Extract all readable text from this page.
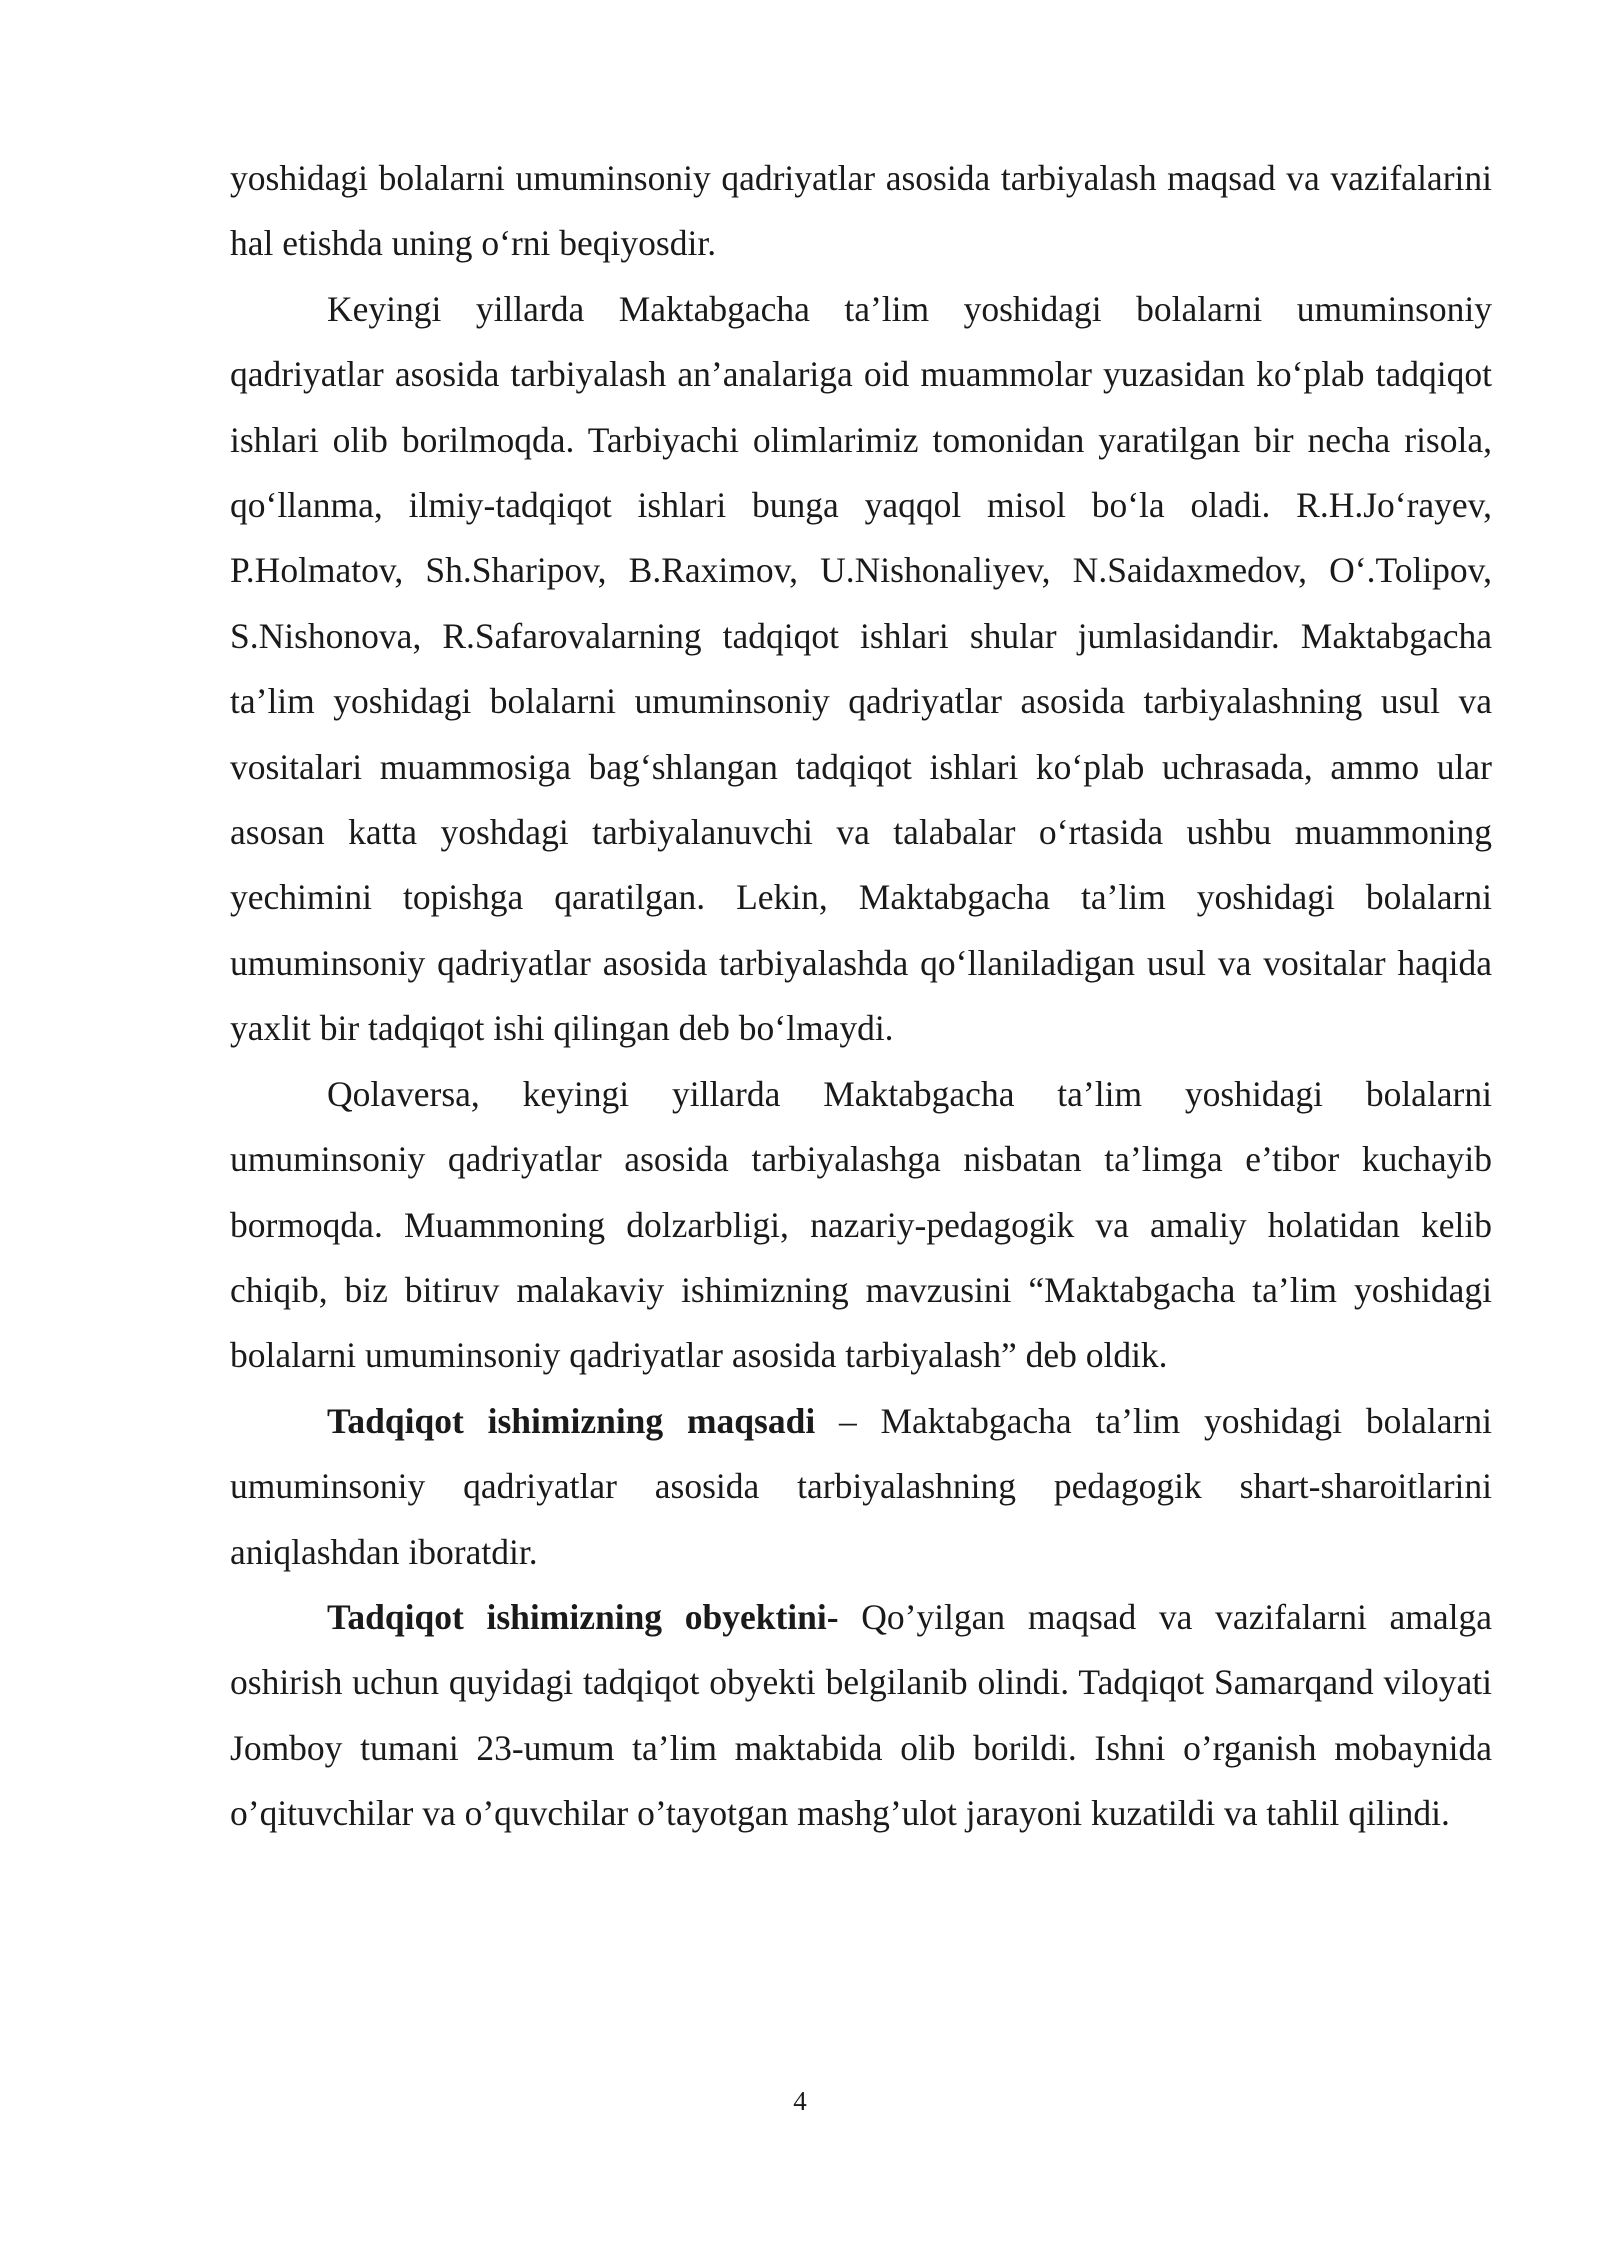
yoshidagi bolalarni umuminsoniy qadriyatlar asosida tarbiyalash maqsad va vazifalarini hal etishda uning o‘rni beqiyosdir.

Keyingi yillarda Maktabgacha ta’lim yoshidagi bolalarni umuminsoniy qadriyatlar asosida tarbiyalash an’analariga oid muammolar yuzasidan ko‘plab tadqiqot ishlari olib borilmoqda. Tarbiyachi olimlarimiz tomonidan yaratilgan bir necha risola, qo‘llanma, ilmiy-tadqiqot ishlari bunga yaqqol misol bo‘la oladi. R.H.Jo‘rayev, P.Holmatov, Sh.Sharipov, B.Raximov, U.Nishonaliyev, N.Saidaxmedov, O‘.Tolipov, S.Nishonova, R.Safarovalarning tadqiqot ishlari shular jumlasidandir. Maktabgacha ta’lim yoshidagi bolalarni umuminsoniy qadriyatlar asosida tarbiyalashning usul va vositalari muammosiga bag‘shlangan tadqiqot ishlari ko‘plab uchrasada, ammo ular asosan katta yoshdagi tarbiyalanuvchi va talabalar o‘rtasida ushbu muammoning yechimini topishga qaratilgan. Lekin, Maktabgacha ta’lim yoshidagi bolalarni umuminsoniy qadriyatlar asosida tarbiyalashda qo‘llaniladigan usul va vositalar haqida yaxlit bir tadqiqot ishi qilingan deb bo‘lmaydi.

Qolaversa, keyingi yillarda Maktabgacha ta’lim yoshidagi bolalarni umuminsoniy qadriyatlar asosida tarbiyalashga nisbatan ta’limga e’tibor kuchayib bormoqda. Muammoning dolzarbligi, nazariy-pedagogik va amaliy holatidan kelib chiqib, biz bitiruv malakaviy ishimizning mavzusini “Maktabgacha ta’lim yoshidagi bolalarni umuminsoniy qadriyatlar asosida tarbiyalash” deb oldik.

Tadqiqot ishimizning maqsadi – Maktabgacha ta’lim yoshidagi bolalarni umuminsoniy qadriyatlar asosida tarbiyalashning pedagogik shart-sharoitlarini aniqlashdan iboratdir.

Tadqiqot ishimizning obyektini- Qo’yilgan maqsad va vazifalarni amalga oshirish uchun quyidagi tadqiqot obyekti belgilanib olindi. Tadqiqot Samarqand viloyati Jomboy tumani 23-umum ta’lim maktabida olib borildi. Ishni o’rganish mobaynida o’qituvchilar va o’quvchilar o’tayotgan mashg’ulot jarayoni kuzatildi va tahlil qilindi.

4
